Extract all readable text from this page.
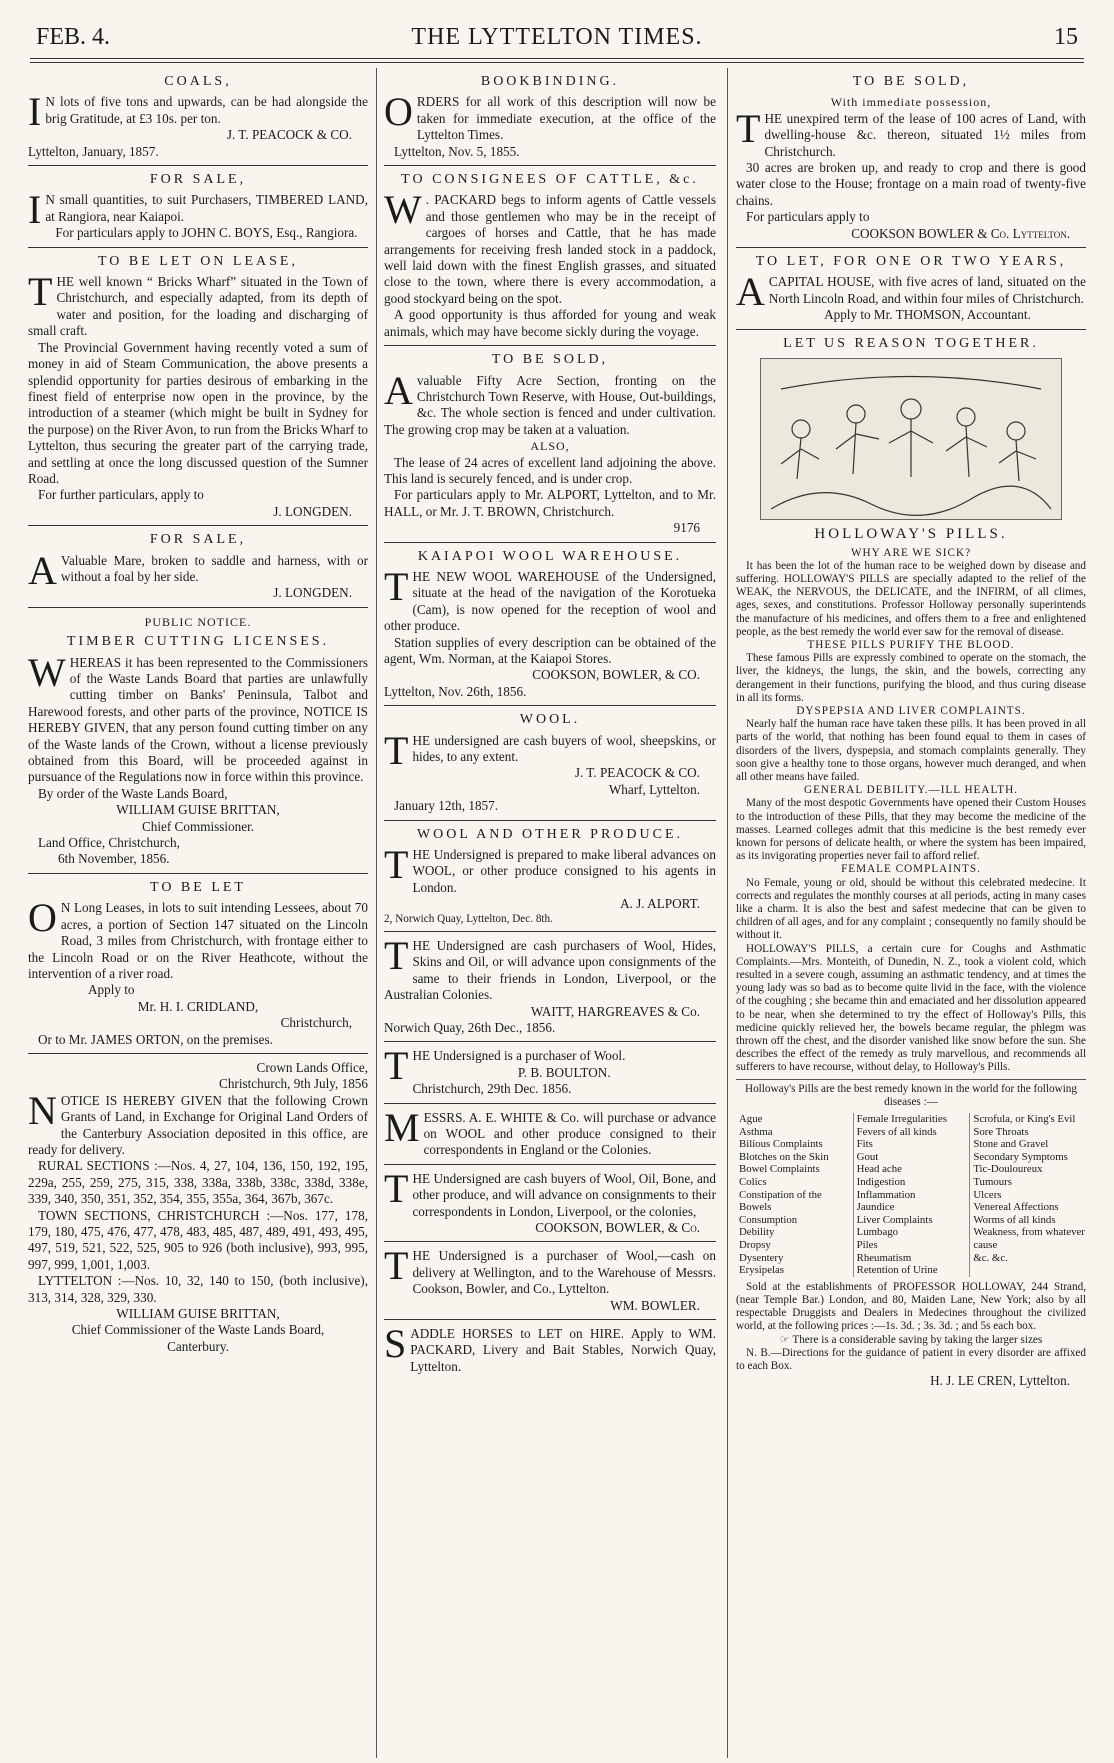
FEB. 4.	THE LYTTELTON TIMES.	15
COALS,

I N lots of five tons and upwards, can be had alongside the brig Gratitude, at £3 10s. per ton.

J. T. PEACOCK & CO.
Lyttelton, January, 1857.
FOR SALE,

I N small quantities, to suit Purchasers, TIMBERED LAND, at Rangiora, near Kaiapoi.

For particulars apply to JOHN C. BOYS, Esq., Rangiora.

TO BE LET ON LEASE,

THE well known “ Bricks Wharf” situated in the Town of Christchurch, and especially adapted, from its depth of water and position, for the loading and discharging of small craft.

The Provincial Government having recently voted a sum of money in aid of Steam Communication, the above presents a splendid opportunity for parties desirous of embarking in the finest field of enterprise now open in the province, by the introduction of a steamer (which might be built in Sydney for the purpose) on the River Avon, to run from the Bricks Wharf to Lyttelton, thus securing the greater part of the carrying trade, and settling at once the long discussed question of the Sumner Road.

For further particulars, apply to

J. LONGDEN.
FOR SALE,

A Valuable Mare, broken to saddle and harness, with or without a foal by her side.

J. LONGDEN.
PUBLIC NOTICE.
TIMBER CUTTING LICENSES.

WHEREAS it has been represented to the Commissioners of the Waste Lands Board that parties are unlawfully cutting timber on Banks' Peninsula, Talbot and Harewood forests, and other parts of the province, NOTICE IS HEREBY GIVEN, that any person found cutting timber on any of the Waste lands of the Crown, without a license previously obtained from this Board, will be proceeded against in pursuance of the Regulations now in force within this province.

By order of the Waste Lands Board,

WILLIAM GUISE BRITTAN,
Chief Commissioner.
Land Office, Christchurch,
6th November, 1856.
TO BE LET

O N Long Leases, in lots to suit intending Lessees, about 70 acres, a portion of Section 147 situated on the Lincoln Road, 3 miles from Christchurch, with frontage either to the Lincoln Road or on the River Heathcote, without the intervention of a river road.

Apply to
Mr. H. I. CRIDLAND,
Christchurch,

Or to Mr. JAMES ORTON, on the premises.

Crown Lands Office,
Christchurch, 9th July, 1856

NOTICE IS HEREBY GIVEN that the following Crown Grants of Land, in Exchange for Original Land Orders of the Canterbury Association deposited in this office, are ready for delivery.

RURAL SECTIONS :—Nos. 4, 27, 104, 136, 150, 192, 195, 229a, 255, 259, 275, 315, 338, 338a, 338b, 338c, 338d, 338e, 339, 340, 350, 351, 352, 354, 355, 355a, 364, 367b, 367c.

TOWN SECTIONS, CHRISTCHURCH :—Nos. 177, 178, 179, 180, 475, 476, 477, 478, 483, 485, 487, 489, 491, 493, 495, 497, 519, 521, 522, 525, 905 to 926 (both inclusive), 993, 995, 997, 999, 1,001, 1,003.

LYTTELTON :—Nos. 10, 32, 140 to 150, (both inclusive), 313, 314, 328, 329, 330.

WILLIAM GUISE BRITTAN,
Chief Commissioner of the Waste Lands Board,
Canterbury.
BOOKBINDING.

ORDERS for all work of this description will now be taken for immediate execution, at the office of the Lyttelton Times.

Lyttelton, Nov. 5, 1855.
TO CONSIGNEES OF CATTLE, &c.

W . PACKARD begs to inform agents of Cattle vessels and those gentlemen who may be in the receipt of cargoes of horses and Cattle, that he has made arrangements for receiving fresh landed stock in a paddock, well laid down with the finest English grasses, and situated close to the town, where there is every accommodation, a good stockyard being on the spot.

A good opportunity is thus afforded for young and weak animals, which may have become sickly during the voyage.

TO BE SOLD,

A valuable Fifty Acre Section, fronting on the Christchurch Town Reserve, with House, Out-buildings, &c. The whole section is fenced and under cultivation. The growing crop may be taken at a valuation.

ALSO,

The lease of 24 acres of excellent land adjoining the above. This land is securely fenced, and is under crop.

For particulars apply to Mr. ALPORT, Lyttelton, and to Mr. HALL, or Mr. J. T. BROWN, Christchurch.

9176
KAIAPOI WOOL WAREHOUSE.

THE NEW WOOL WAREHOUSE of the Undersigned, situate at the head of the navigation of the Korotueka (Cam), is now opened for the reception of wool and other produce.

Station supplies of every description can be obtained of the agent, Wm. Norman, at the Kaiapoi Stores.

COOKSON, BOWLER, & CO.
Lyttelton, Nov. 26th, 1856.
WOOL.

THE undersigned are cash buyers of wool, sheepskins, or hides, to any extent.

J. T. PEACOCK & CO.
Wharf, Lyttelton.
January 12th, 1857.
WOOL AND OTHER PRODUCE.

THE Undersigned is prepared to make liberal advances on WOOL, or other produce consigned to his agents in London.

A. J. ALPORT.
2, Norwich Quay, Lyttelton, Dec. 8th.

THE Undersigned are cash purchasers of Wool, Hides, Skins and Oil, or will advance upon consignments of the same to their friends in London, Liverpool, or the Australian Colonies.

WAITT, HARGREAVES & Co.
Norwich Quay, 26th Dec., 1856.

THE Undersigned is a purchaser of Wool.

P. B. BOULTON.
Christchurch, 29th Dec. 1856.

MESSRS. A. E. WHITE & Co. will purchase or advance on WOOL and other produce consigned to their correspondents in England or the Colonies.

THE Undersigned are cash buyers of Wool, Oil, Bone, and other produce, and will advance on consignments to their correspondents in London, Liverpool, or the colonies,

COOKSON, BOWLER, & Co.

THE Undersigned is a purchaser of Wool,—cash on delivery at Wellington, and to the Warehouse of Messrs. Cookson, Bowler, and Co., Lyttelton.

WM. BOWLER.

SADDLE HORSES to LET on HIRE. Apply to WM. PACKARD, Livery and Bait Stables, Norwich Quay, Lyttelton.

TO BE SOLD,
With immediate possession,

THE unexpired term of the lease of 100 acres of Land, with dwelling-house &c. thereon, situated 1½ miles from Christchurch.

30 acres are broken up, and ready to crop and there is good water close to the House; frontage on a main road of twenty-five chains.

For particulars apply to

COOKSON BOWLER & Co. Lyttelton.
TO LET, FOR ONE OR TWO YEARS,

A CAPITAL HOUSE, with five acres of land, situated on the North Lincoln Road, and within four miles of Christchurch.

Apply to Mr. THOMSON, Accountant.
LET US REASON TOGETHER.
HOLLOWAY'S PILLS.
WHY ARE WE SICK?

It has been the lot of the human race to be weighed down by disease and suffering. HOLLOWAY'S PILLS are specially adapted to the relief of the WEAK, the NERVOUS, the DELICATE, and the INFIRM, of all climes, ages, sexes, and constitutions. Professor Holloway personally superintends the manufacture of his medicines, and offers them to a free and enlightened people, as the best remedy the world ever saw for the removal of disease.

THESE PILLS PURIFY THE BLOOD.

These famous Pills are expressly combined to operate on the stomach, the liver, the kidneys, the lungs, the skin, and the bowels, correcting any derangement in their functions, purifying the blood, and thus curing disease in all its forms.

DYSPEPSIA AND LIVER COMPLAINTS.

Nearly half the human race have taken these pills. It has been proved in all parts of the world, that nothing has been found equal to them in cases of disorders of the livers, dyspepsia, and stomach complaints generally. They soon give a healthy tone to those organs, however much deranged, and when all other means have failed.

GENERAL DEBILITY.—ILL HEALTH.

Many of the most despotic Governments have opened their Custom Houses to the introduction of these Pills, that they may become the medicine of the masses. Learned colleges admit that this medicine is the best remedy ever known for persons of delicate health, or where the system has been impaired, as its invigorating properties never fail to afford relief.

FEMALE COMPLAINTS.

No Female, young or old, should be without this celebrated medecine. It corrects and regulates the monthly courses at all periods, acting in many cases like a charm. It is also the best and safest medecine that can be given to children of all ages, and for any complaint ; consequently no family should be without it.

HOLLOWAY'S PILLS, a certain cure for Coughs and Asthmatic Complaints.—Mrs. Monteith, of Dunedin, N. Z., took a violent cold, which resulted in a severe cough, assuming an asthmatic tendency, and at times the young lady was so bad as to become quite livid in the face, with the violence of the coughing ; she became thin and emaciated and her dissolution appeared to be near, when she determined to try the effect of Holloway's Pills, this medicine quickly relieved her, the bowels became regular, the phlegm was thrown off the chest, and the disorder vanished like snow before the sun. She describes the effect of the remedy as truly marvellous, and recommends all sufferers to have recourse, without delay, to Holloway's Pills.

Holloway's Pills are the best remedy known in the world for the following diseases :—
Ague
Asthma
Bilious Complaints
Blotches on the Skin
Bowel Complaints
Colics
Constipation of the Bowels
Consumption
Debility
Dropsy
Dysentery
Erysipelas
Female Irregularities
Fevers of all kinds
Fits
Gout
Head ache
Indigestion
Inflammation
Jaundice
Liver Complaints
Lumbago
Piles
Rheumatism
Retention of Urine
Scrofula, or King's Evil
Sore Throats
Stone and Gravel
Secondary Symptoms
Tic-Douloureux
Tumours
Ulcers
Venereal Affections
Worms of all kinds
Weakness, from whatever cause
&c. &c.

Sold at the establishments of PROFESSOR HOLLOWAY, 244 Strand, (near Temple Bar.) London, and 80, Maiden Lane, New York; also by all respectable Druggists and Dealers in Medecines throughout the civilized world, at the following prices :—1s. 3d. ; 3s. 3d. ; and 5s each box.

☞ There is a considerable saving by taking the larger sizes

N. B.—Directions for the guidance of patient in every disorder are affixed to each Box.

H. J. LE CREN, Lyttelton.
